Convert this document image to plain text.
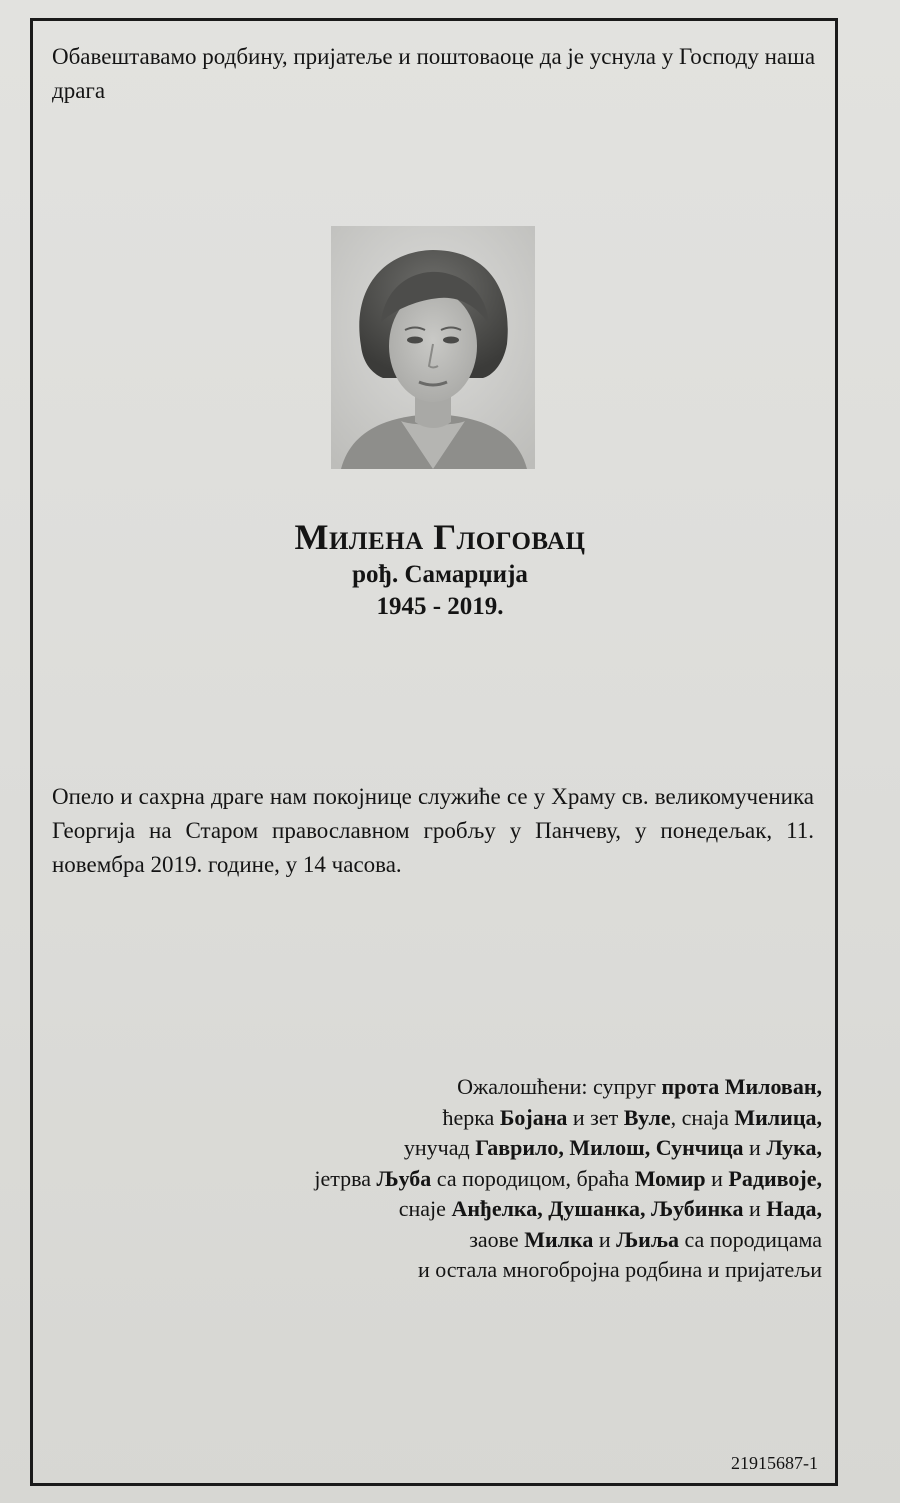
Обавештавамо родбину, пријатеље и поштоваоце да је уснула у Господу наша драга
Милена Глоговац
рођ. Самарџија
1945 - 2019.
Опело и сахрна драге нам покојнице служиће се у Храму св. великомученика Георгија на Старом православном гробљу у Панчеву, у понедељак, 11. новембра 2019. године, у 14 часова.
Ожалошћени: супруг прота Милован,
ћерка Бојана и зет Вуле, снаја Милица,
унучад Гаврило, Милош, Сунчица и Лука,
јетрва Љуба са породицом, браћа Момир и Радивоје,
снаје Анђелка, Душанка, Љубинка и Нада,
заове Милка и Љиља са породицама
и остала многобројна родбина и пријатељи
21915687-1
